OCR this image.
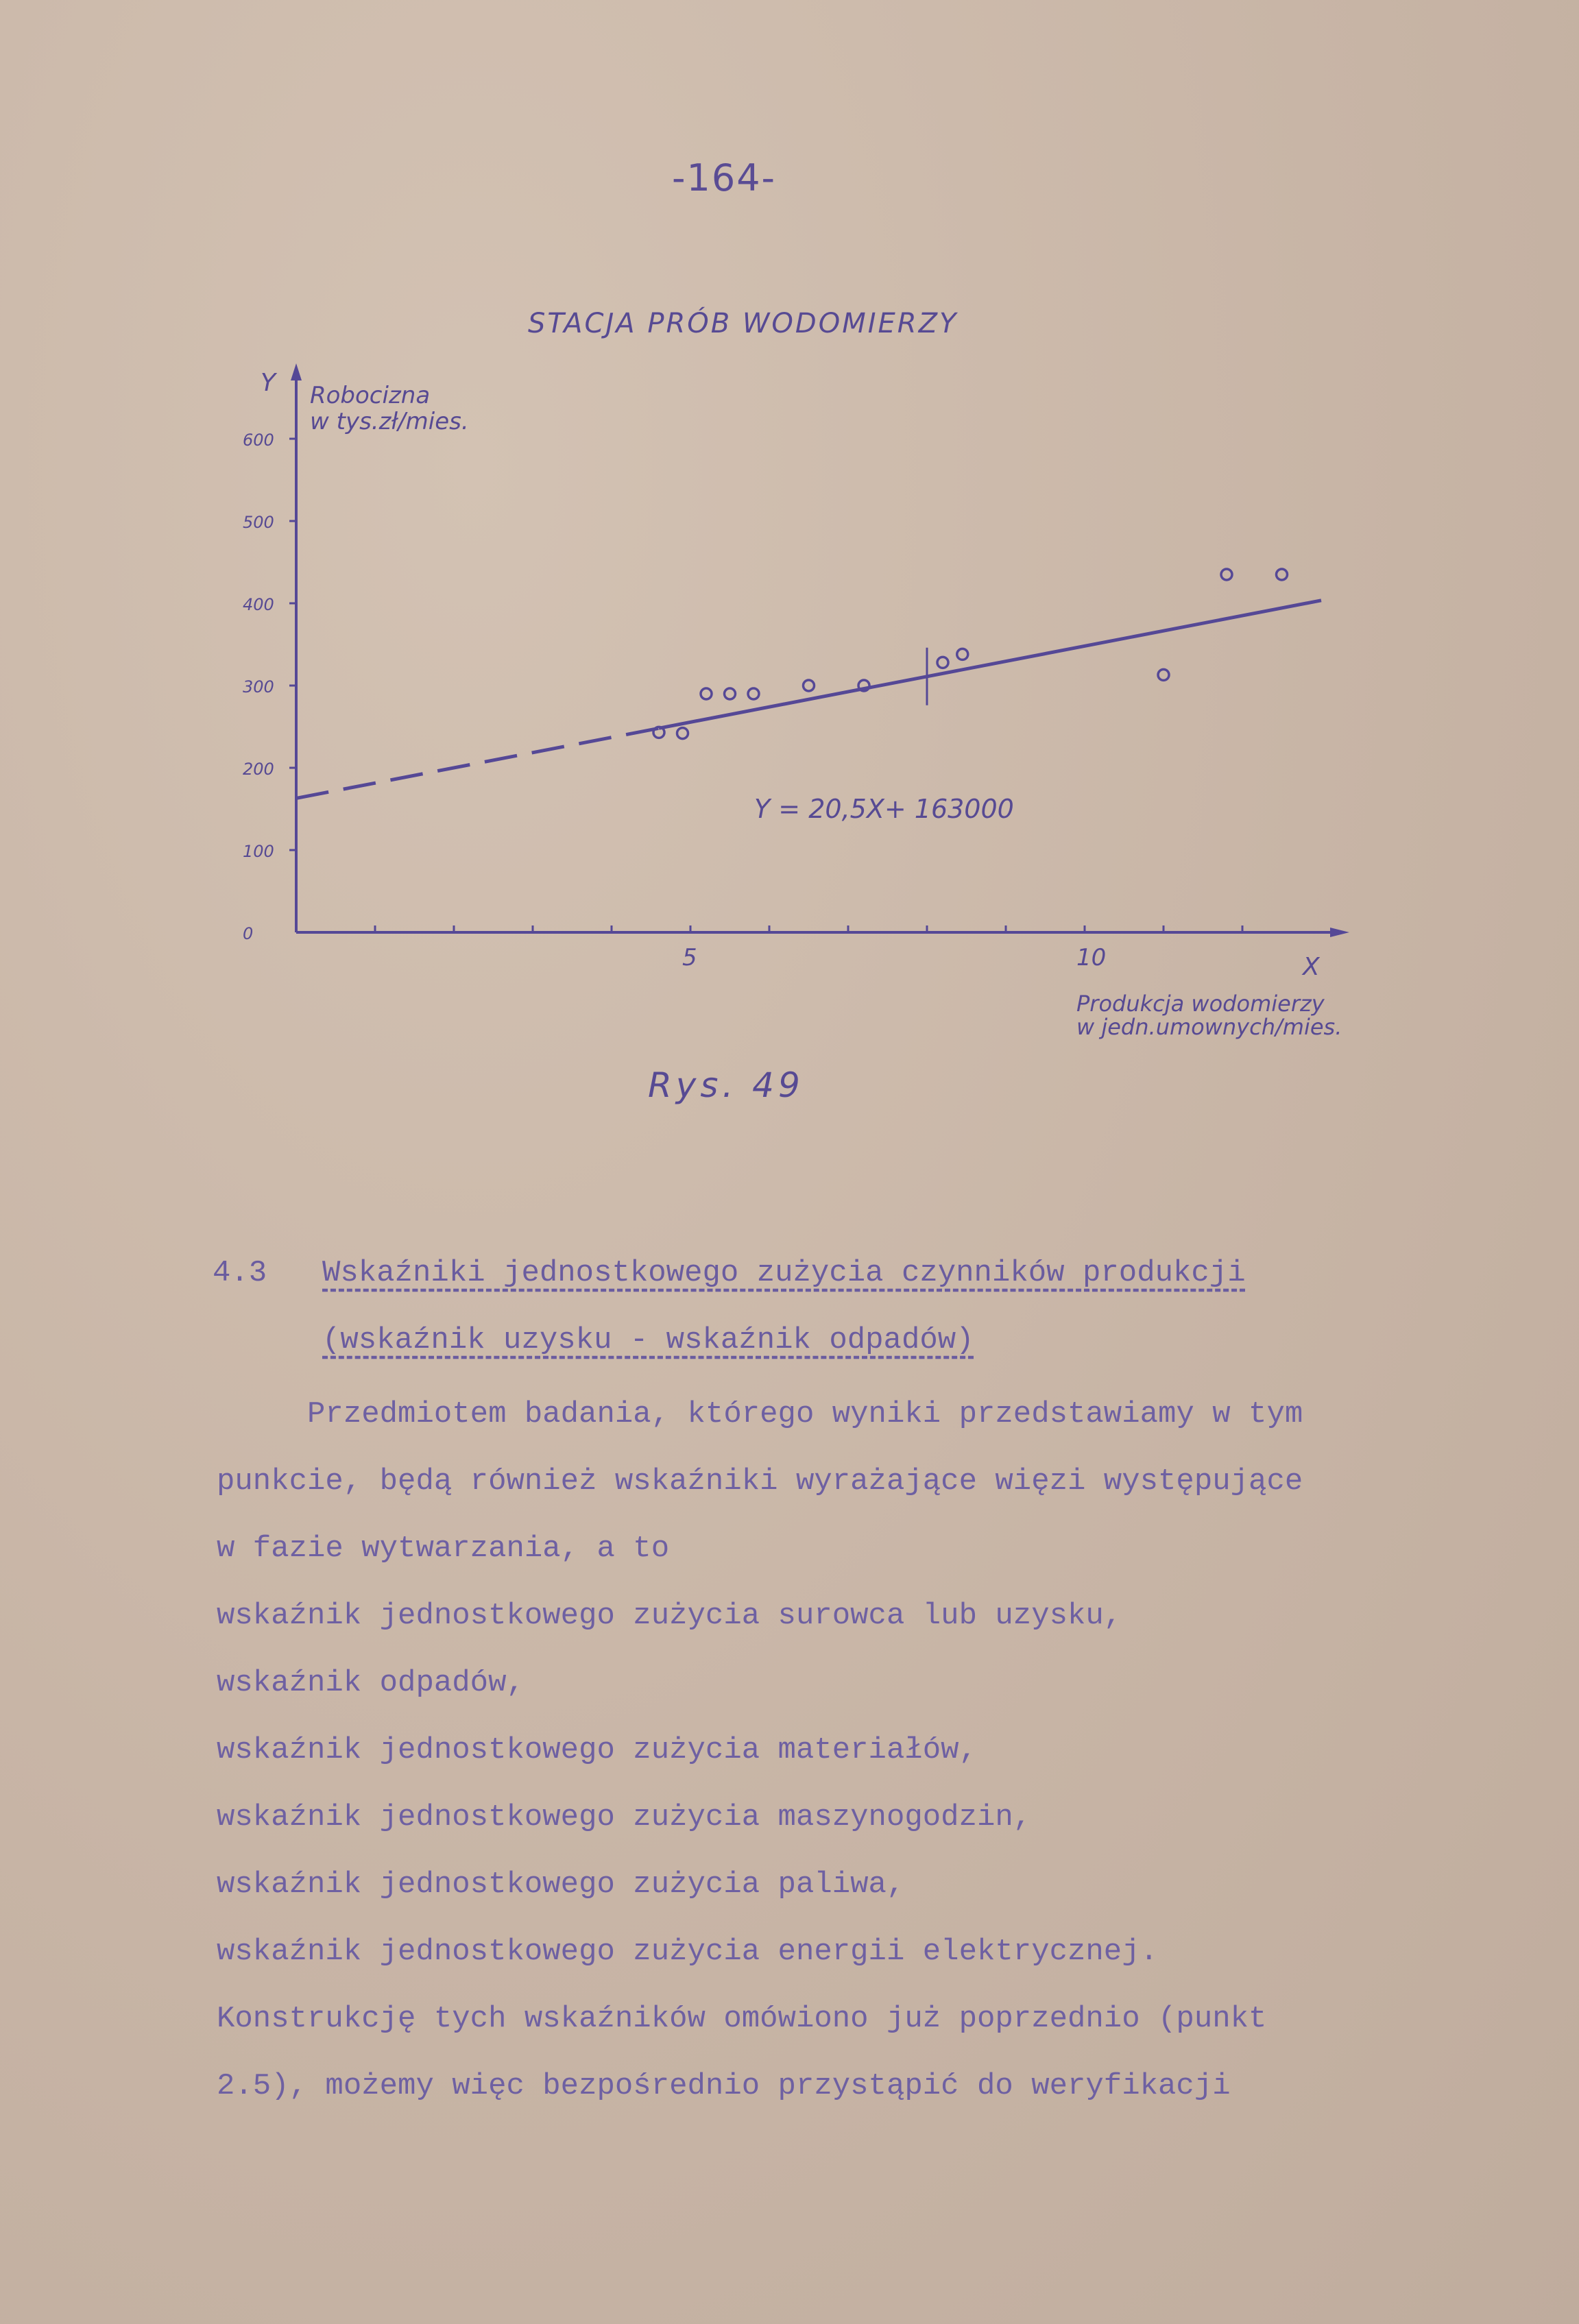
-164-
STACJA PRÓB WODOMIERZY
Y
X
Robocizna
w tys.zł/mies.
Produkcja wodomierzy
w jedn.umownych/mies.
5	10
0
100
200
300
400
500
600
Y = 20,5X+ 163000
Rys. 49
4.3 Wskaźniki jednostkowego zużycia czynników produkcji
(wskaźnik uzysku - wskaźnik odpadów)
Przedmiotem badania, którego wyniki przedstawiamy w tym
punkcie, będą również wskaźniki wyrażające więzi występujące
w fazie wytwarzania, a to
wskaźnik jednostkowego zużycia surowca lub uzysku,
wskaźnik odpadów,
wskaźnik jednostkowego zużycia materiałów,
wskaźnik jednostkowego zużycia maszynogodzin,
wskaźnik jednostkowego zużycia paliwa,
wskaźnik jednostkowego zużycia energii elektrycznej.
Konstrukcję tych wskaźników omówiono już poprzednio (punkt
2.5), możemy więc bezpośrednio przystąpić do weryfikacji
